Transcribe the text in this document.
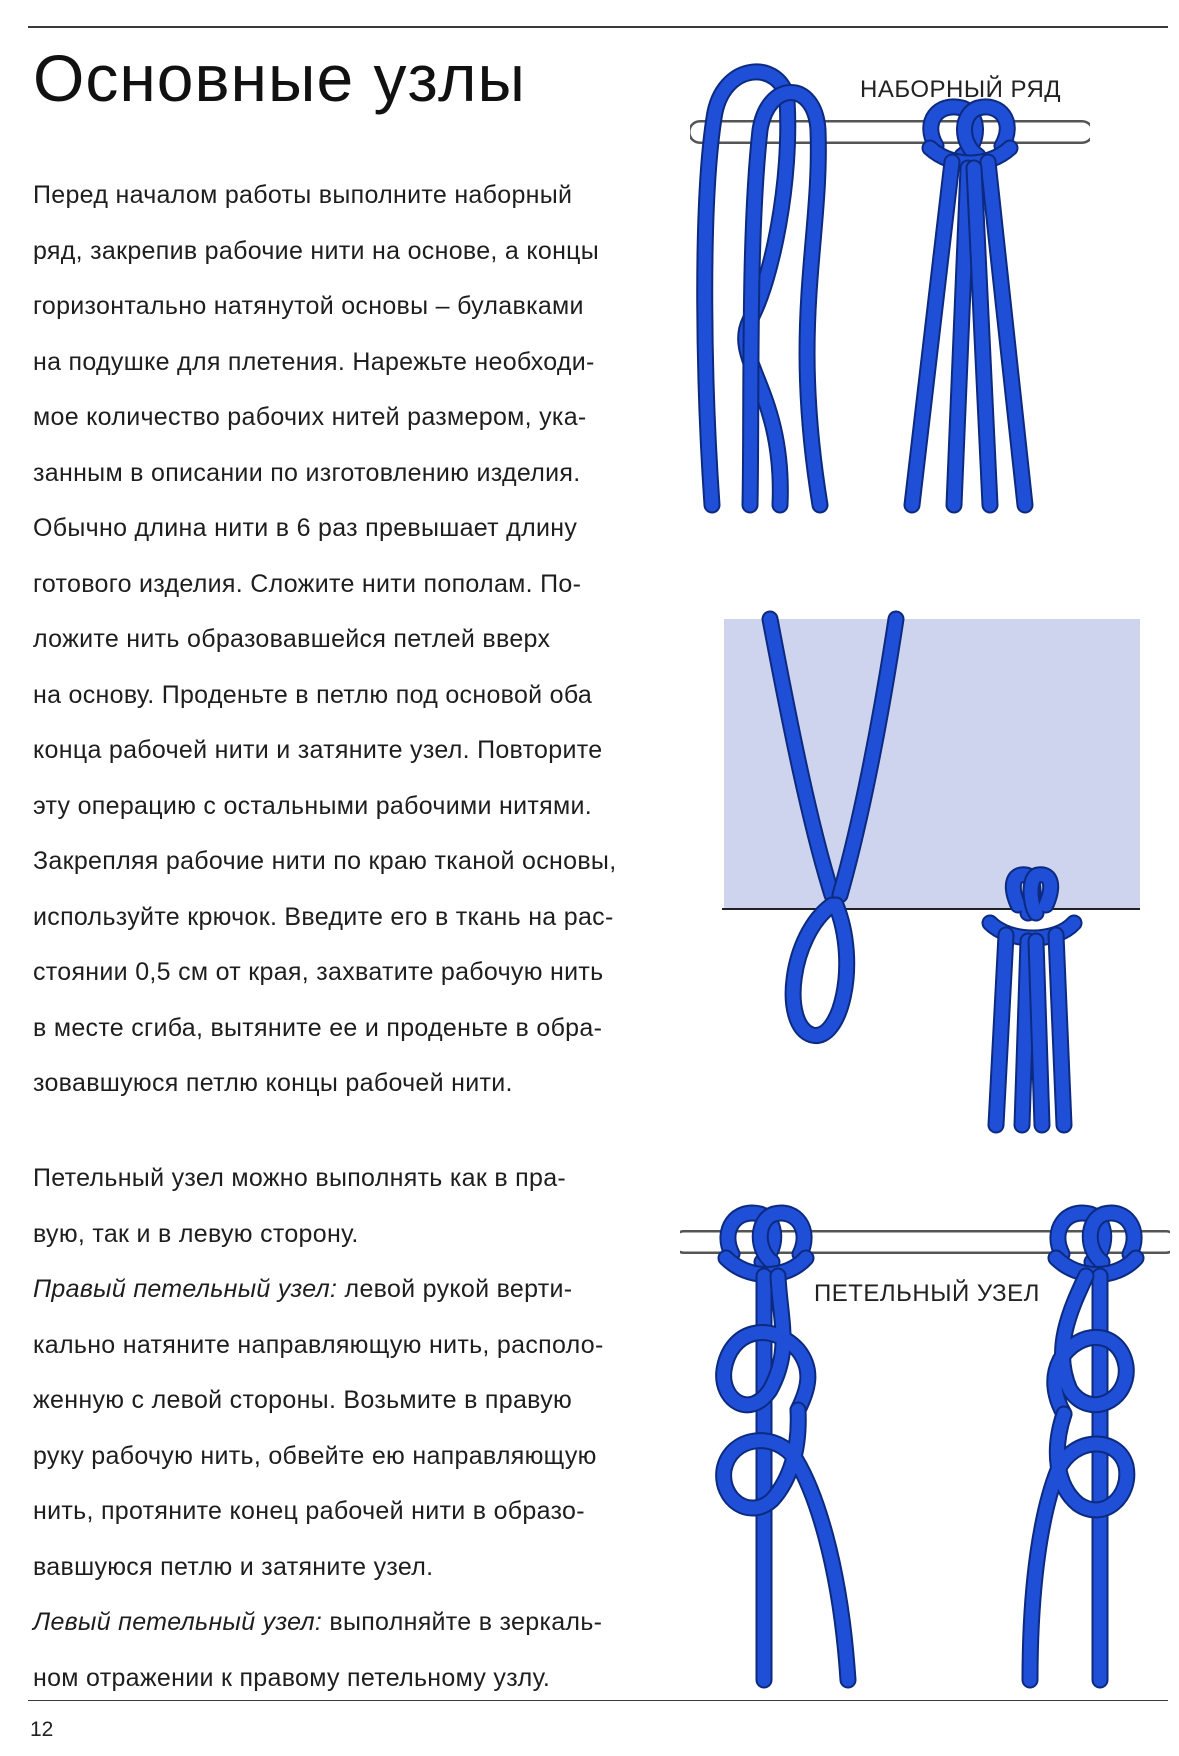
Основные узлы

Перед началом работы выполните наборный
ряд, закрепив рабочие нити на основе, а концы
горизонтально натянутой основы – булавками
на подушке для плетения. Нарежьте необходи-
мое количество рабочих нитей размером, ука-
занным в описании по изготовлению изделия.
Обычно длина нити в 6 раз превышает длину
готового изделия. Сложите нити пополам. По-
ложите нить образовавшейся петлей вверх
на основу. Проденьте в петлю под основой оба
конца рабочей нити и затяните узел. Повторите
эту операцию с остальными рабочими нитями.
Закрепляя рабочие нити по краю тканой основы,
используйте крючок. Введите его в ткань на рас-
стоянии 0,5 см от края, захватите рабочую нить
в месте сгиба, вытяните ее и проденьте в обра-
зовавшуюся петлю концы рабочей нити.

Петельный узел можно выполнять как в пра-
вую, так и в левую сторону.
Правый петельный узел: левой рукой верти-
кально натяните направляющую нить, располо-
женную с левой стороны. Возьмите в правую
руку рабочую нить, обвейте ею направляющую
нить, протяните конец рабочей нити в образо-
вавшуюся петлю и затяните узел.
Левый петельный узел: выполняйте в зеркаль-
ном отражении к правому петельному узлу.

НАБОРНЫЙ РЯД
ПЕТЕЛЬНЫЙ УЗЕЛ
12
